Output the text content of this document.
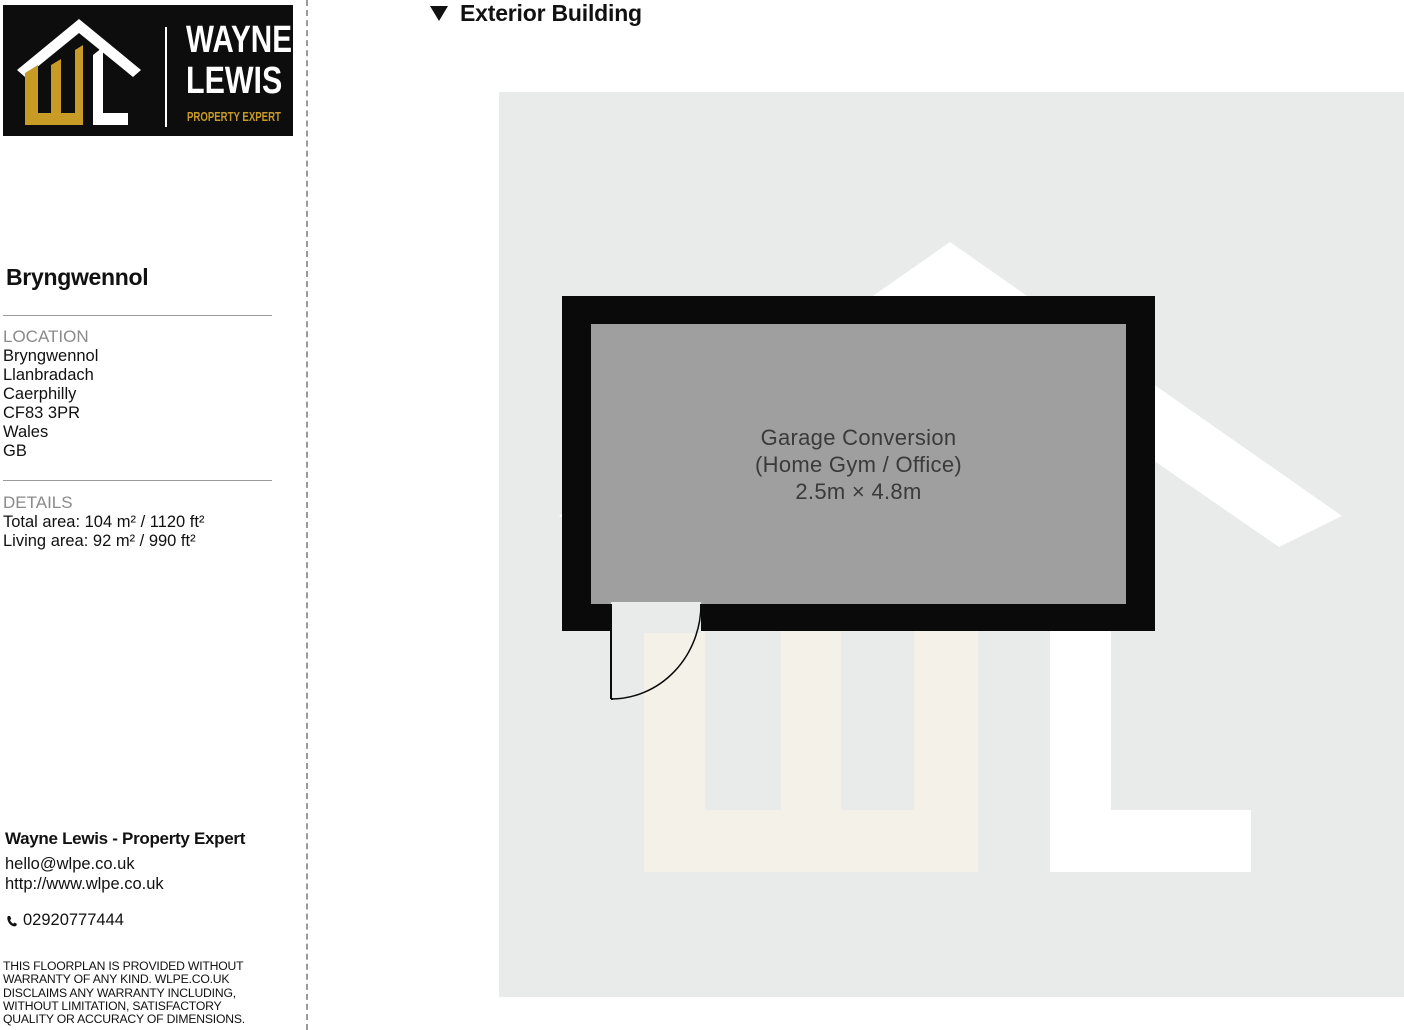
WAYNE
LEWIS
PROPERTY EXPERT
Bryngwennol
LOCATION
Bryngwennol
Llanbradach
Caerphilly
CF83 3PR
Wales
GB
DETAILS
Total area: 104 m² / 1120 ft²
Living area: 92 m² / 990 ft²
Wayne Lewis - Property Expert
hello@wlpe.co.uk
http://www.wlpe.co.uk
02920777444
THIS FLOORPLAN IS PROVIDED WITHOUT
WARRANTY OF ANY KIND. WLPE.CO.UK
DISCLAIMS ANY WARRANTY INCLUDING,
WITHOUT LIMITATION, SATISFACTORY
QUALITY OR ACCURACY OF DIMENSIONS.
Exterior Building
Garage Conversion
(Home Gym / Office)
2.5m × 4.8m
